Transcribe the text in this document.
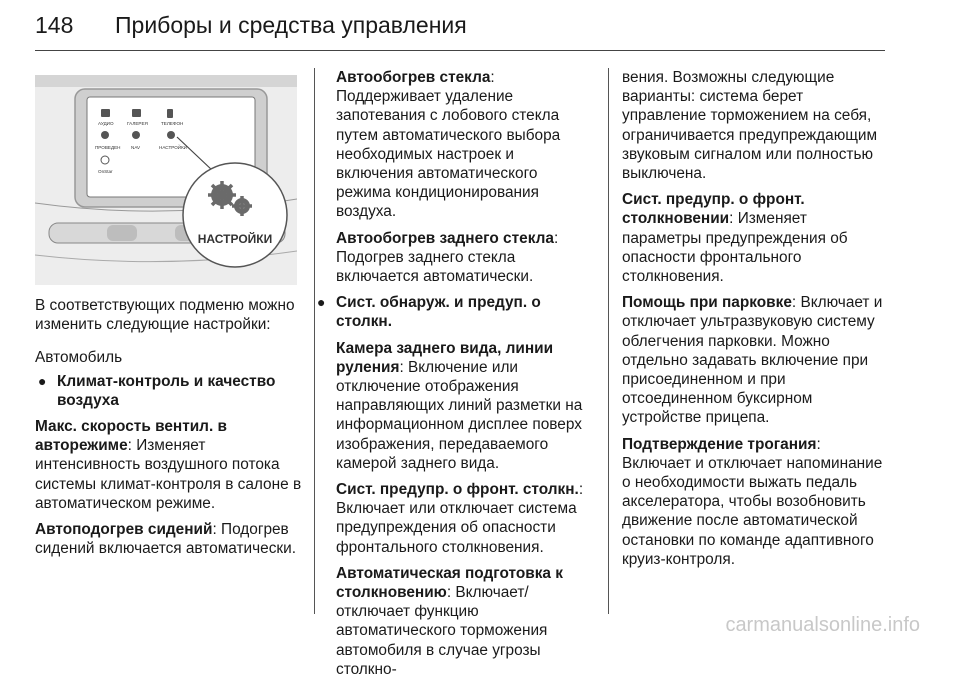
148 Приборы и средства управления
АУДИО	ГАЛЕРЕЯ	ТЕЛЕФОН
ПРОВЕДЕН NAV	НАСТРОЙКИ
OnStar
НАСТРОЙКИ

В соответствующих подменю можно изменить следующие настройки:

Автомобиль

● Климат-контроль и качество воздуха

Макс. скорость вентил. в авторежиме: Изменяет интенсивность воздушного потока системы климат-контроля в салоне в автоматическом режиме.

Автоподогрев сидений: Подогрев сидений включается автоматически.

Автообогрев стекла: Поддерживает удаление запотевания с лобового стекла путем автоматического выбора необходимых настроек и включения автоматического режима кондиционирования воздуха.

Автообогрев заднего стекла: Подогрев заднего стекла включается автоматически.

● Сист. обнаруж. и предуп. о столкн.

Камера заднего вида, линии руления: Включение или отключение отображения направляющих линий разметки на информационном дисплее поверх изображения, передаваемого камерой заднего вида.

Сист. предупр. о фронт. столкн.: Включает или отключает система предупреждения об опасности фронтального столкновения.

Автоматическая подготовка к столкновению: Включает/отключает функцию автоматического торможения автомобиля в случае угрозы столкно-

вения. Возможны следующие варианты: система берет управление торможением на себя, ограничивается предупреждающим звуковым сигналом или полностью выключена.

Сист. предупр. о фронт. столкновении: Изменяет параметры предупреждения об опасности фронтального столкновения.

Помощь при парковке: Включает и отключает ультразвуковую систему облегчения парковки. Можно отдельно задавать включение при присоединенном и при отсоединенном буксирном устройстве прицепа.

Подтверждение трогания: Включает и отключает напоминание о необходимости выжать педаль акселератора, чтобы возобновить движение после автоматической остановки по команде адаптивного круиз-контроля.

carmanualsonline.info
